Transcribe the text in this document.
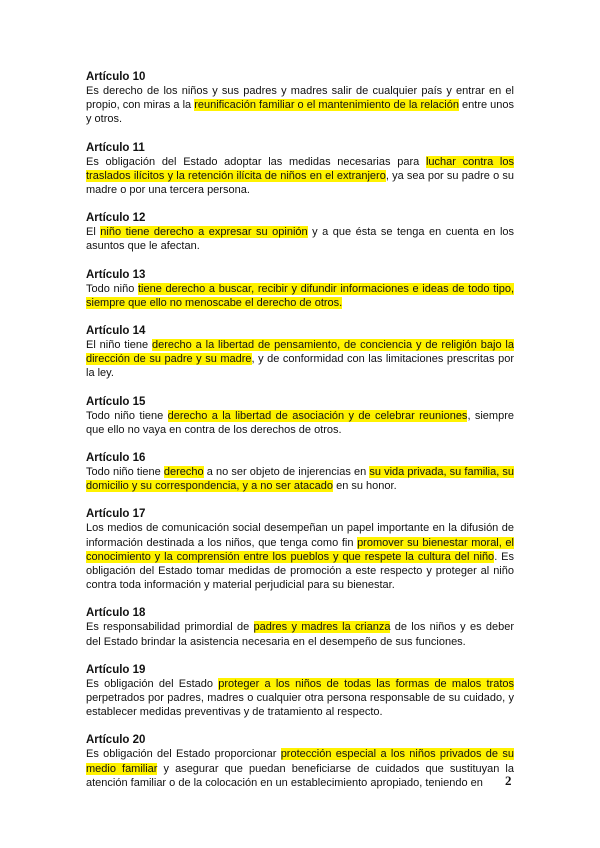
Artículo 10

Es derecho de los niños y sus padres y madres salir de cualquier país y entrar en el propio, con miras a la reunificación familiar o el mantenimiento de la relación entre unos y otros.

Artículo 11

Es obligación del Estado adoptar las medidas necesarias para luchar contra los traslados ilícitos y la retención ilícita de niños en el extranjero, ya sea por su padre o su madre o por una tercera persona.

Artículo 12

El niño tiene derecho a expresar su opinión y a que ésta se tenga en cuenta en los asuntos que le afectan.

Artículo 13

Todo niño tiene derecho a buscar, recibir y difundir informaciones e ideas de todo tipo, siempre que ello no menoscabe el derecho de otros.

Artículo 14

El niño tiene derecho a la libertad de pensamiento, de conciencia y de religión bajo la dirección de su padre y su madre, y de conformidad con las limitaciones prescritas por la ley.

Artículo 15

Todo niño tiene derecho a la libertad de asociación y de celebrar reuniones, siempre que ello no vaya en contra de los derechos de otros.

Artículo 16

Todo niño tiene derecho a no ser objeto de injerencias en su vida privada, su familia, su domicilio y su correspondencia, y a no ser atacado en su honor.

Artículo 17

Los medios de comunicación social desempeñan un papel importante en la difusión de información destinada a los niños, que tenga como fin promover su bienestar moral, el conocimiento y la comprensión entre los pueblos y que respete la cultura del niño. Es obligación del Estado tomar medidas de promoción a este respecto y proteger al niño contra toda información y material perjudicial para su bienestar.

Artículo 18

Es responsabilidad primordial de padres y madres la crianza de los niños y es deber del Estado brindar la asistencia necesaria en el desempeño de sus funciones.

Artículo 19

Es obligación del Estado proteger a los niños de todas las formas de malos tratos perpetrados por padres, madres o cualquier otra persona responsable de su cuidado, y establecer medidas preventivas y de tratamiento al respecto.

Artículo 20

Es obligación del Estado proporcionar protección especial a los niños privados de su medio familiar y asegurar que puedan beneficiarse de cuidados que sustituyan la atención familiar o de la colocación en un establecimiento apropiado, teniendo en	2
